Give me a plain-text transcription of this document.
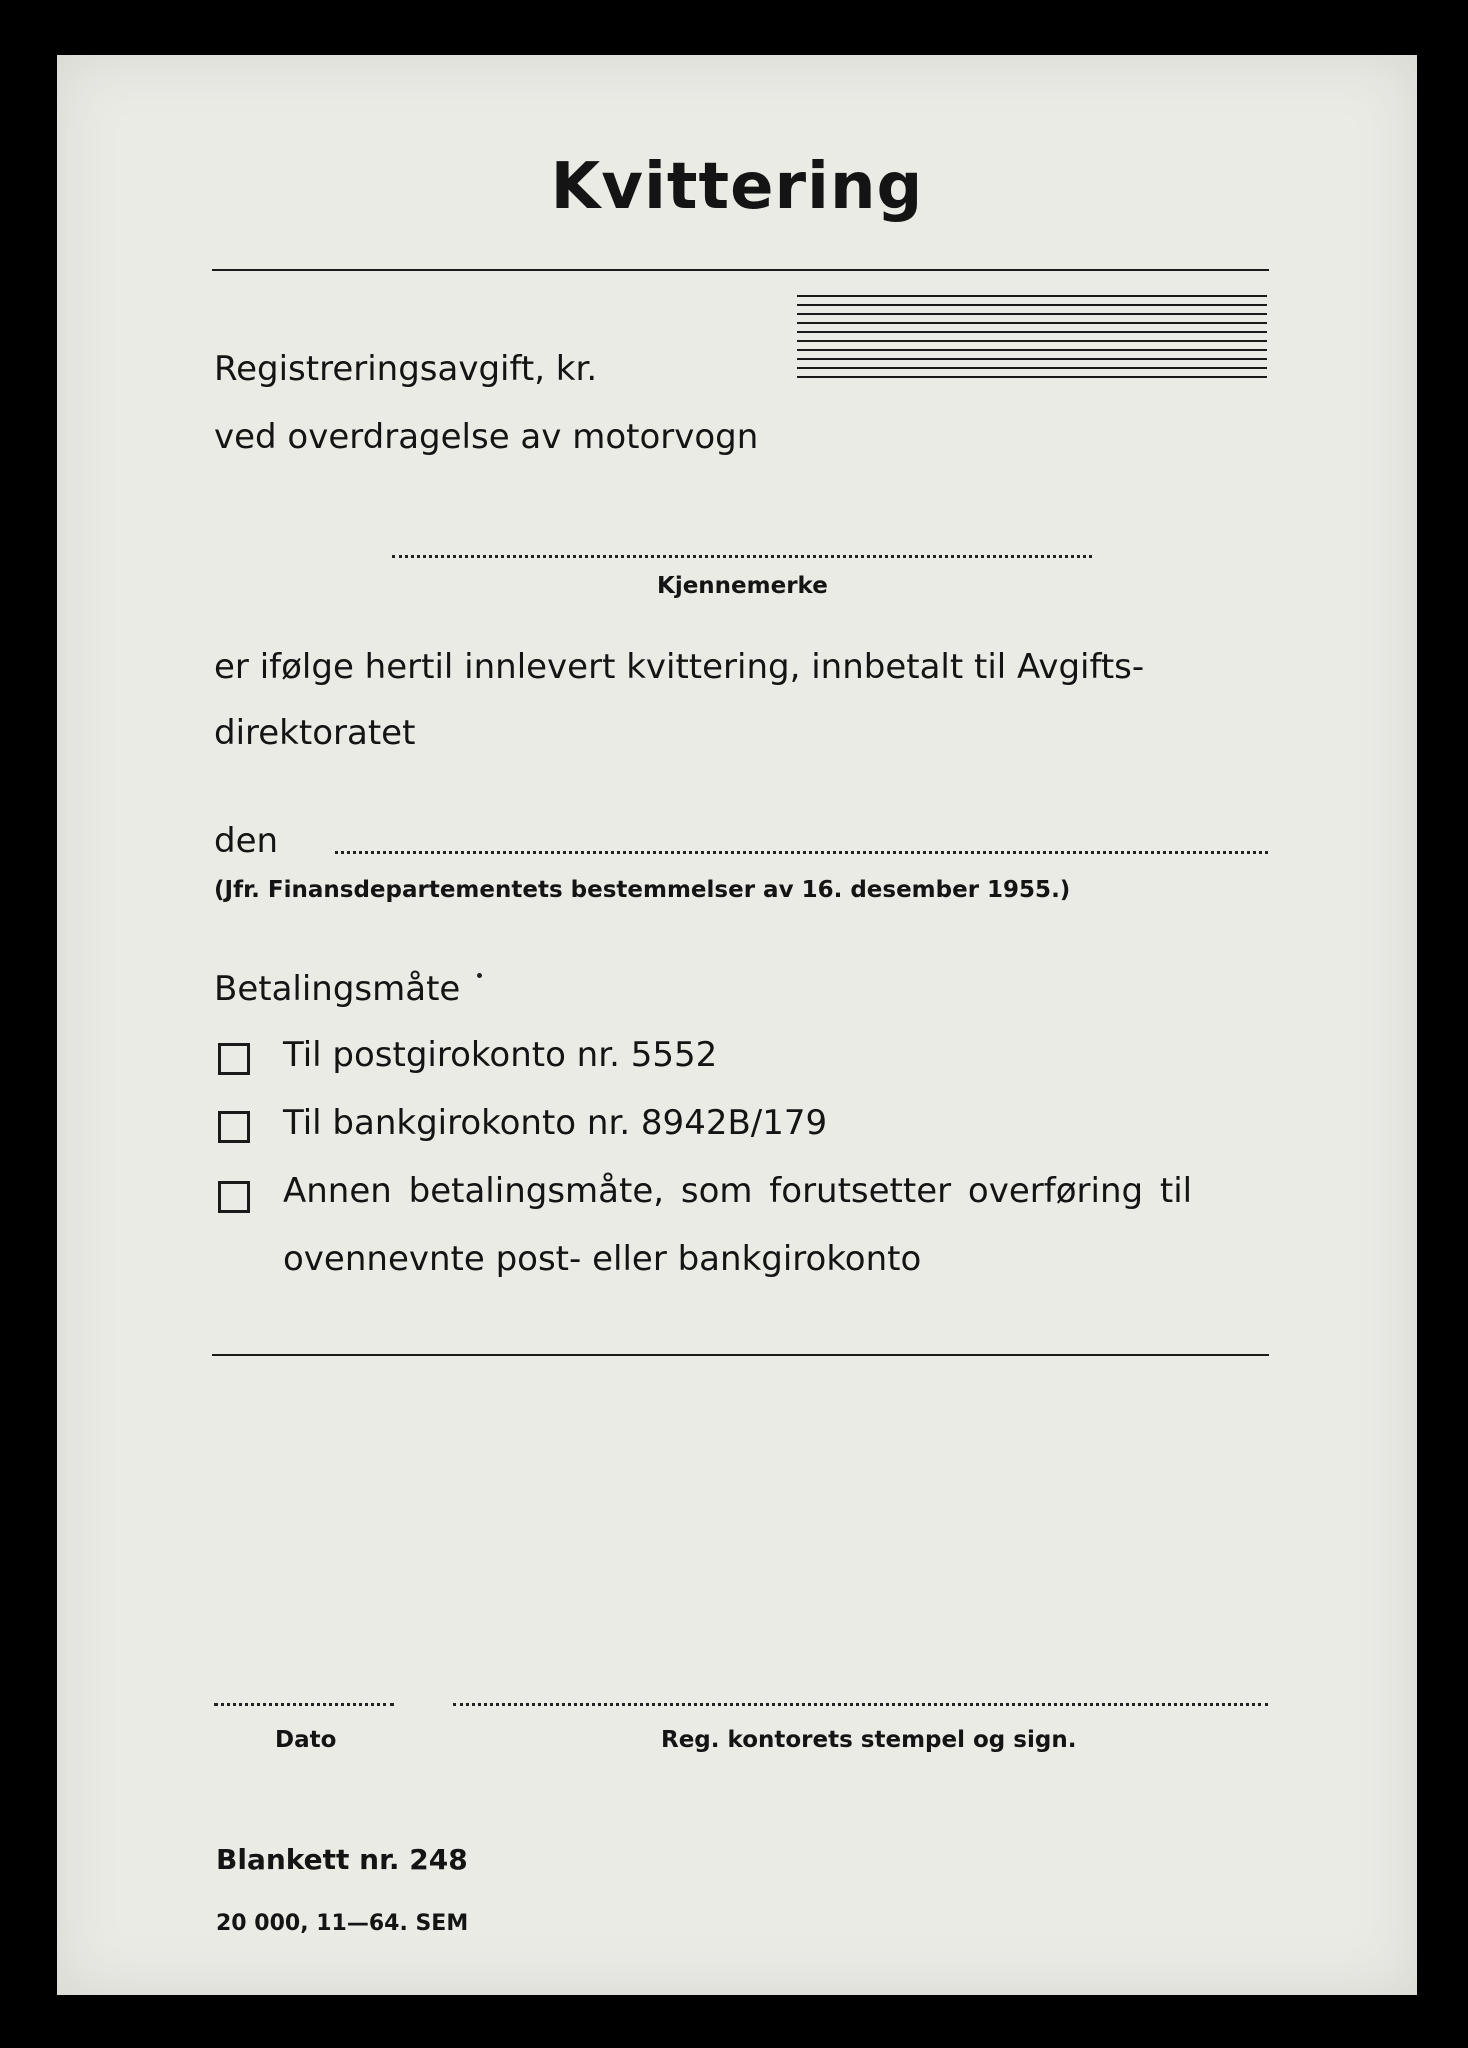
Kvittering
Registreringsavgift, kr.
ved overdragelse av motorvogn
Kjennemerke
er ifølge hertil innlevert kvittering, innbetalt til Avgifts-
direktoratet
den
(Jfr. Finansdepartementets bestemmelser av 16. desember 1955.)
Betalingsmåte
Til postgirokonto nr. 5552
Til bankgirokonto nr. 8942B/179
Annen betalingsmåte, som forutsetter overføring til
ovennevnte post- eller bankgirokonto
Dato	Reg. kontorets stempel og sign.
Blankett nr. 248
20 000, 11—64. SEM
